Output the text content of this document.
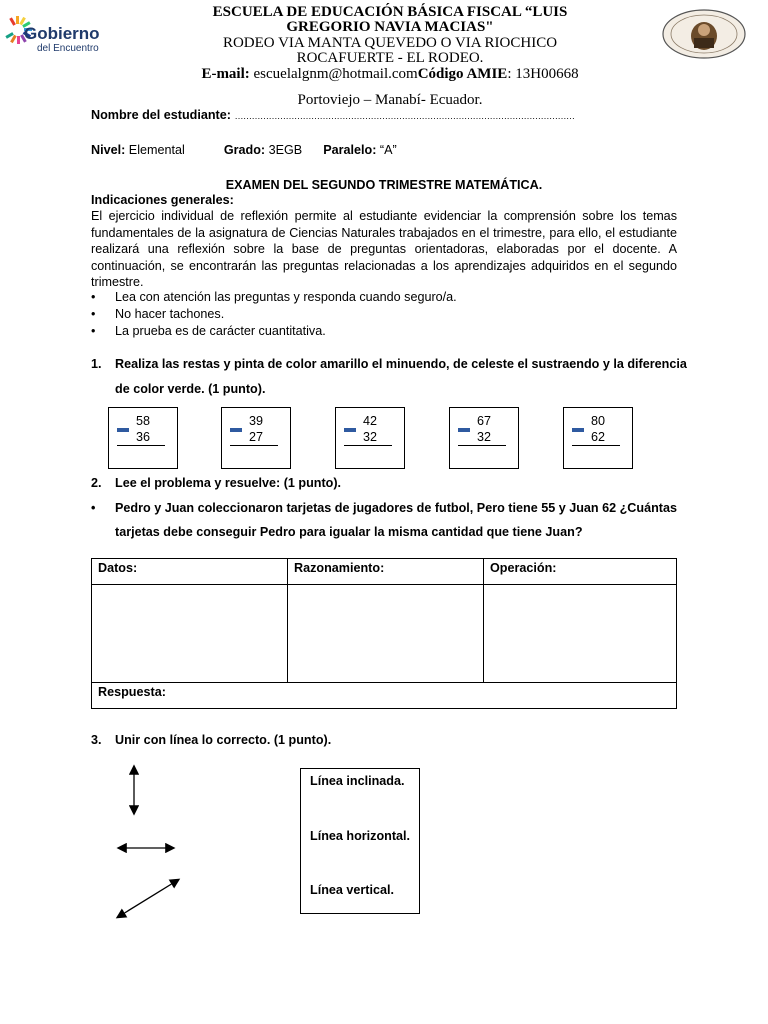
Gobierno
del Encuentro
ESCUELA DE EDUCACIÓN BÁSICA FISCAL “LUIS
GREGORIO NAVIA MACIAS"
RODEO VIA MANTA QUEVEDO O VIA RIOCHICO
ROCAFUERTE - EL RODEO.
E-mail: escuelalgnm@hotmail.comCódigo AMIE: 13H00668
Portoviejo – Manabí- Ecuador.
Nombre del estudiante: …………………………………………………………………………………………………………
Nivel: Elemental	Grado: 3EGB Paralelo: “A”
EXAMEN DEL SEGUNDO TRIMESTRE MATEMÁTICA.
Indicaciones generales:
El ejercicio individual de reflexión permite al estudiante evidenciar la comprensión sobre los temas fundamentales de la asignatura de Ciencias Naturales trabajados en el trimestre, para ello, el estudiante realizará una reflexión sobre la base de preguntas orientadoras, elaboradas por el docente. A continuación, se encontrarán las preguntas relacionadas a los aprendizajes adquiridos en el segundo trimestre.
•	Lea con atención las preguntas y responda cuando seguro/a.
•	No hacer tachones.
•	La prueba es de carácter cuantitativa.
1. Realiza las restas y pinta de color amarillo el minuendo, de celeste el sustraendo y la diferencia
de color verde. (1 punto).
58
36
39
27
42
32
67
32
80
62
2. Lee el problema y resuelve: (1 punto).
• Pedro y Juan coleccionaron tarjetas de jugadores de futbol, Pero tiene 55 y Juan 62 ¿Cuántas
tarjetas debe conseguir Pedro para igualar la misma cantidad que tiene Juan?
Datos:	Razonamiento:	Operación:

Respuesta:		
3. Unir con línea lo correcto. (1 punto).
Línea inclinada.
Línea horizontal.
Línea vertical.
